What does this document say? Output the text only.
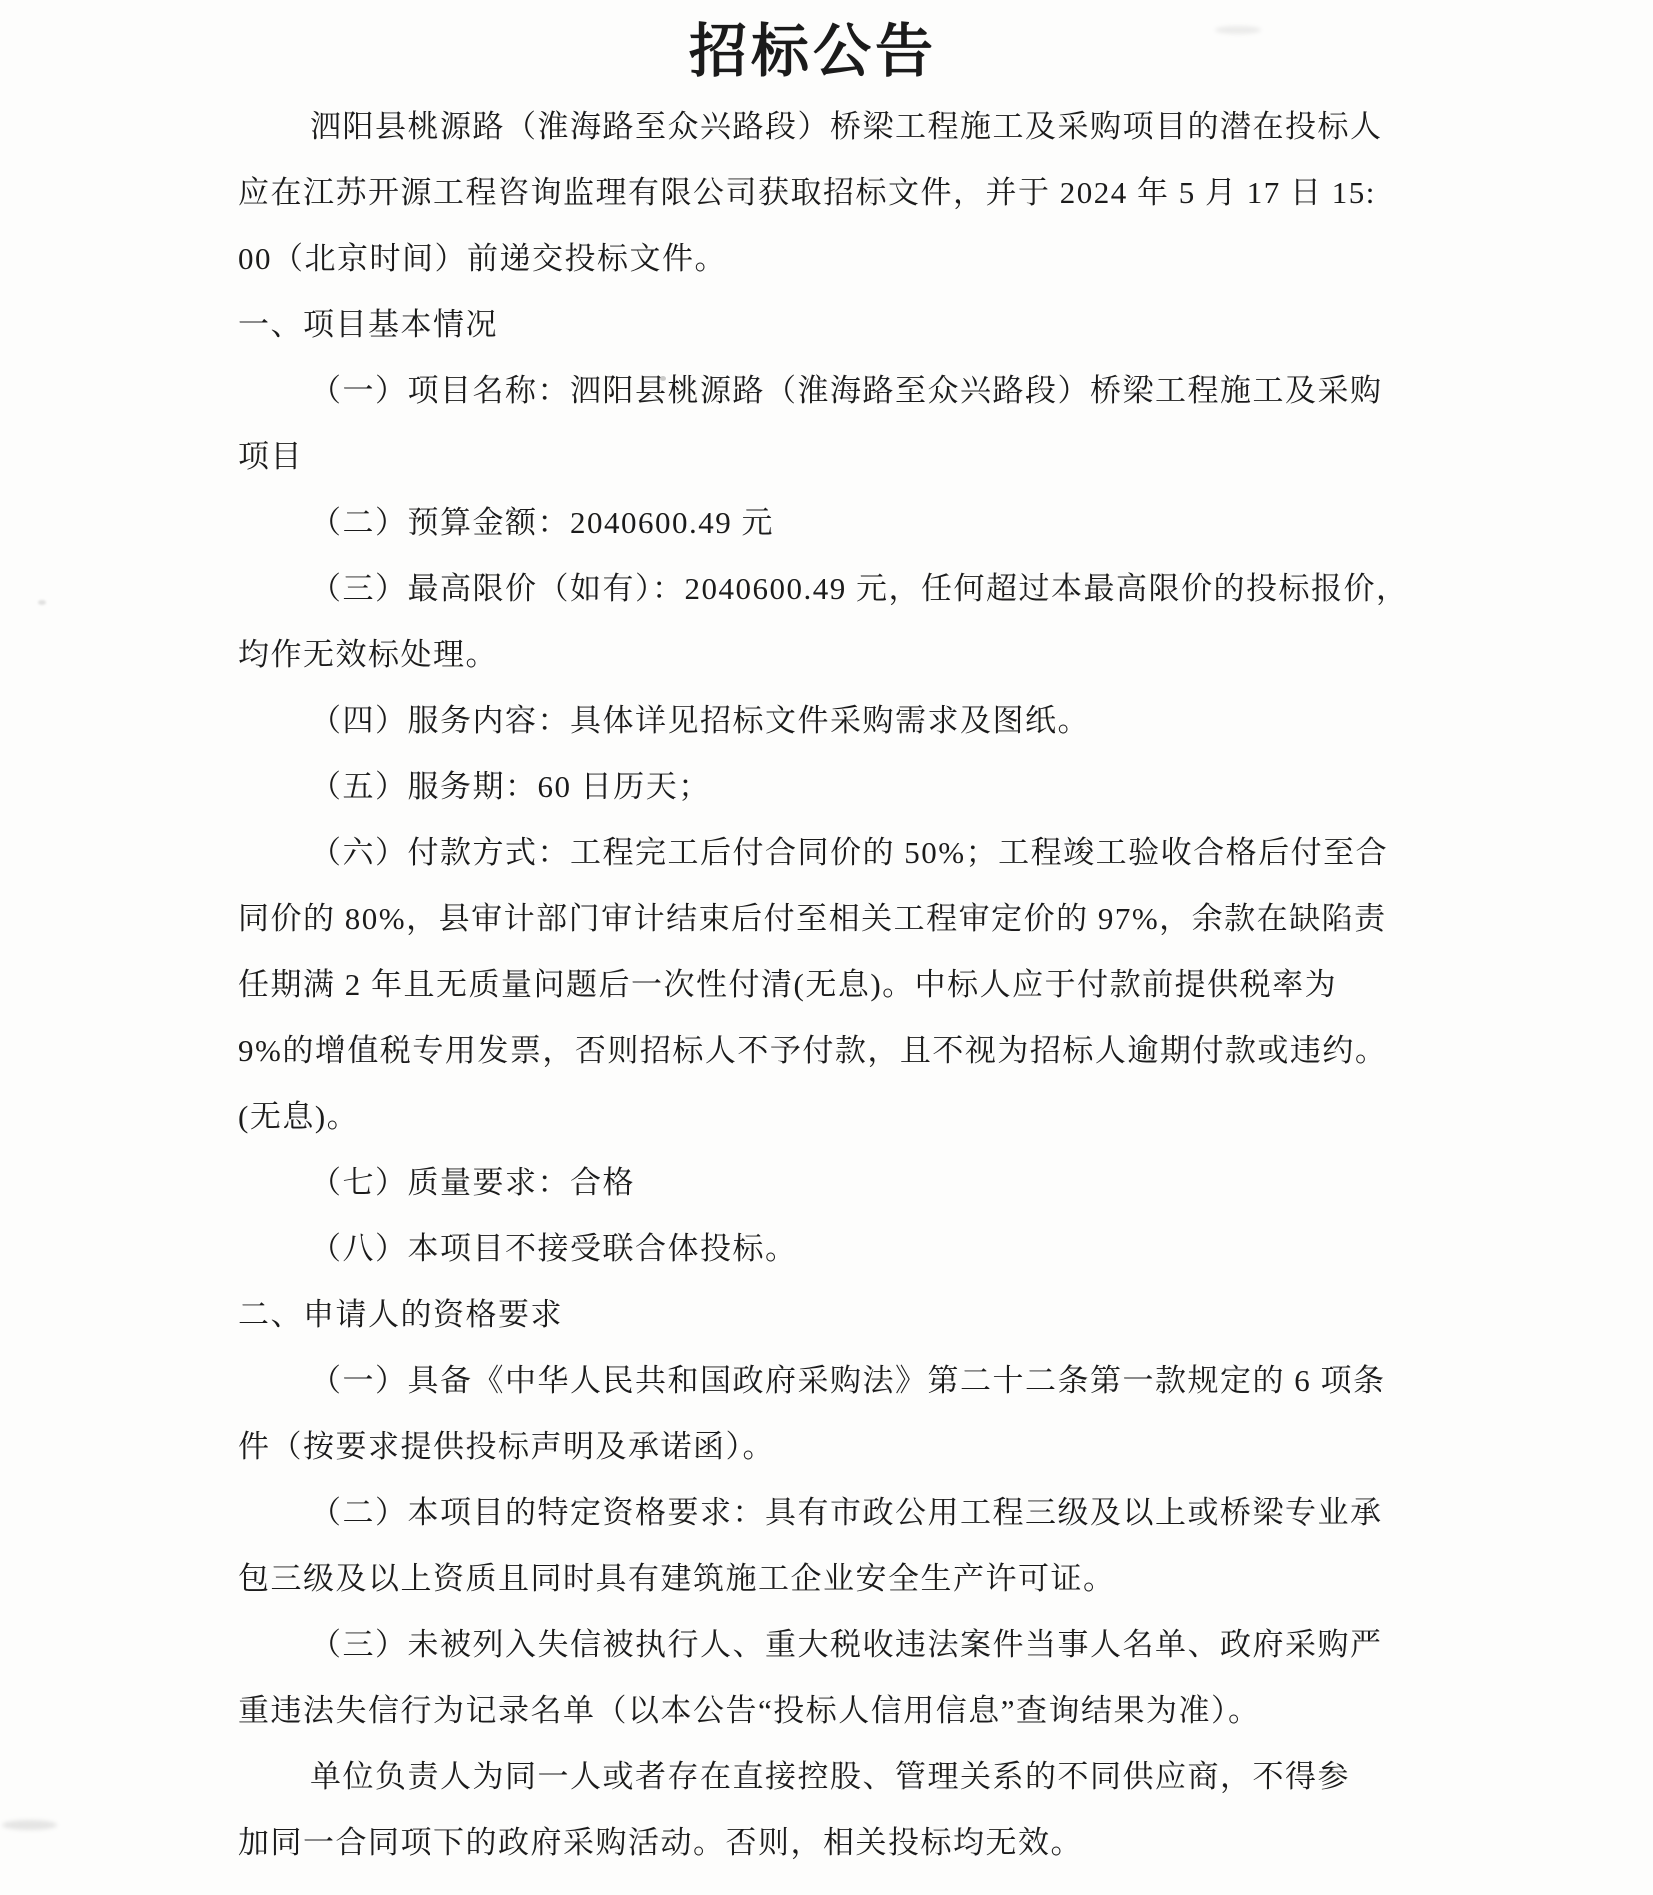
招标公告
泗阳县桃源路（淮海路至众兴路段）桥梁工程施工及采购项目的潜在投标人
应在江苏开源工程咨询监理有限公司获取招标文件，并于 2024 年 5 月 17 日 15:
00（北京时间）前递交投标文件。
一、项目基本情况
（一）项目名称：泗阳县桃源路（淮海路至众兴路段）桥梁工程施工及采购
项目
（二）预算金额：2040600.49 元
（三）最高限价（如有）：2040600.49 元，任何超过本最高限价的投标报价，
均作无效标处理。
（四）服务内容：具体详见招标文件采购需求及图纸。
（五）服务期：60 日历天；
（六）付款方式：工程完工后付合同价的 50%；工程竣工验收合格后付至合
同价的 80%，县审计部门审计结束后付至相关工程审定价的 97%，余款在缺陷责
任期满 2 年且无质量问题后一次性付清(无息)。中标人应于付款前提供税率为
9%的增值税专用发票，否则招标人不予付款，且不视为招标人逾期付款或违约。
(无息)。
（七）质量要求：合格
（八）本项目不接受联合体投标。
二、申请人的资格要求
（一）具备《中华人民共和国政府采购法》第二十二条第一款规定的 6 项条
件（按要求提供投标声明及承诺函）。
（二）本项目的特定资格要求：具有市政公用工程三级及以上或桥梁专业承
包三级及以上资质且同时具有建筑施工企业安全生产许可证。
（三）未被列入失信被执行人、重大税收违法案件当事人名单、政府采购严
重违法失信行为记录名单（以本公告“投标人信用信息”查询结果为准）。
单位负责人为同一人或者存在直接控股、管理关系的不同供应商，不得参
加同一合同项下的政府采购活动。否则，相关投标均无效。
